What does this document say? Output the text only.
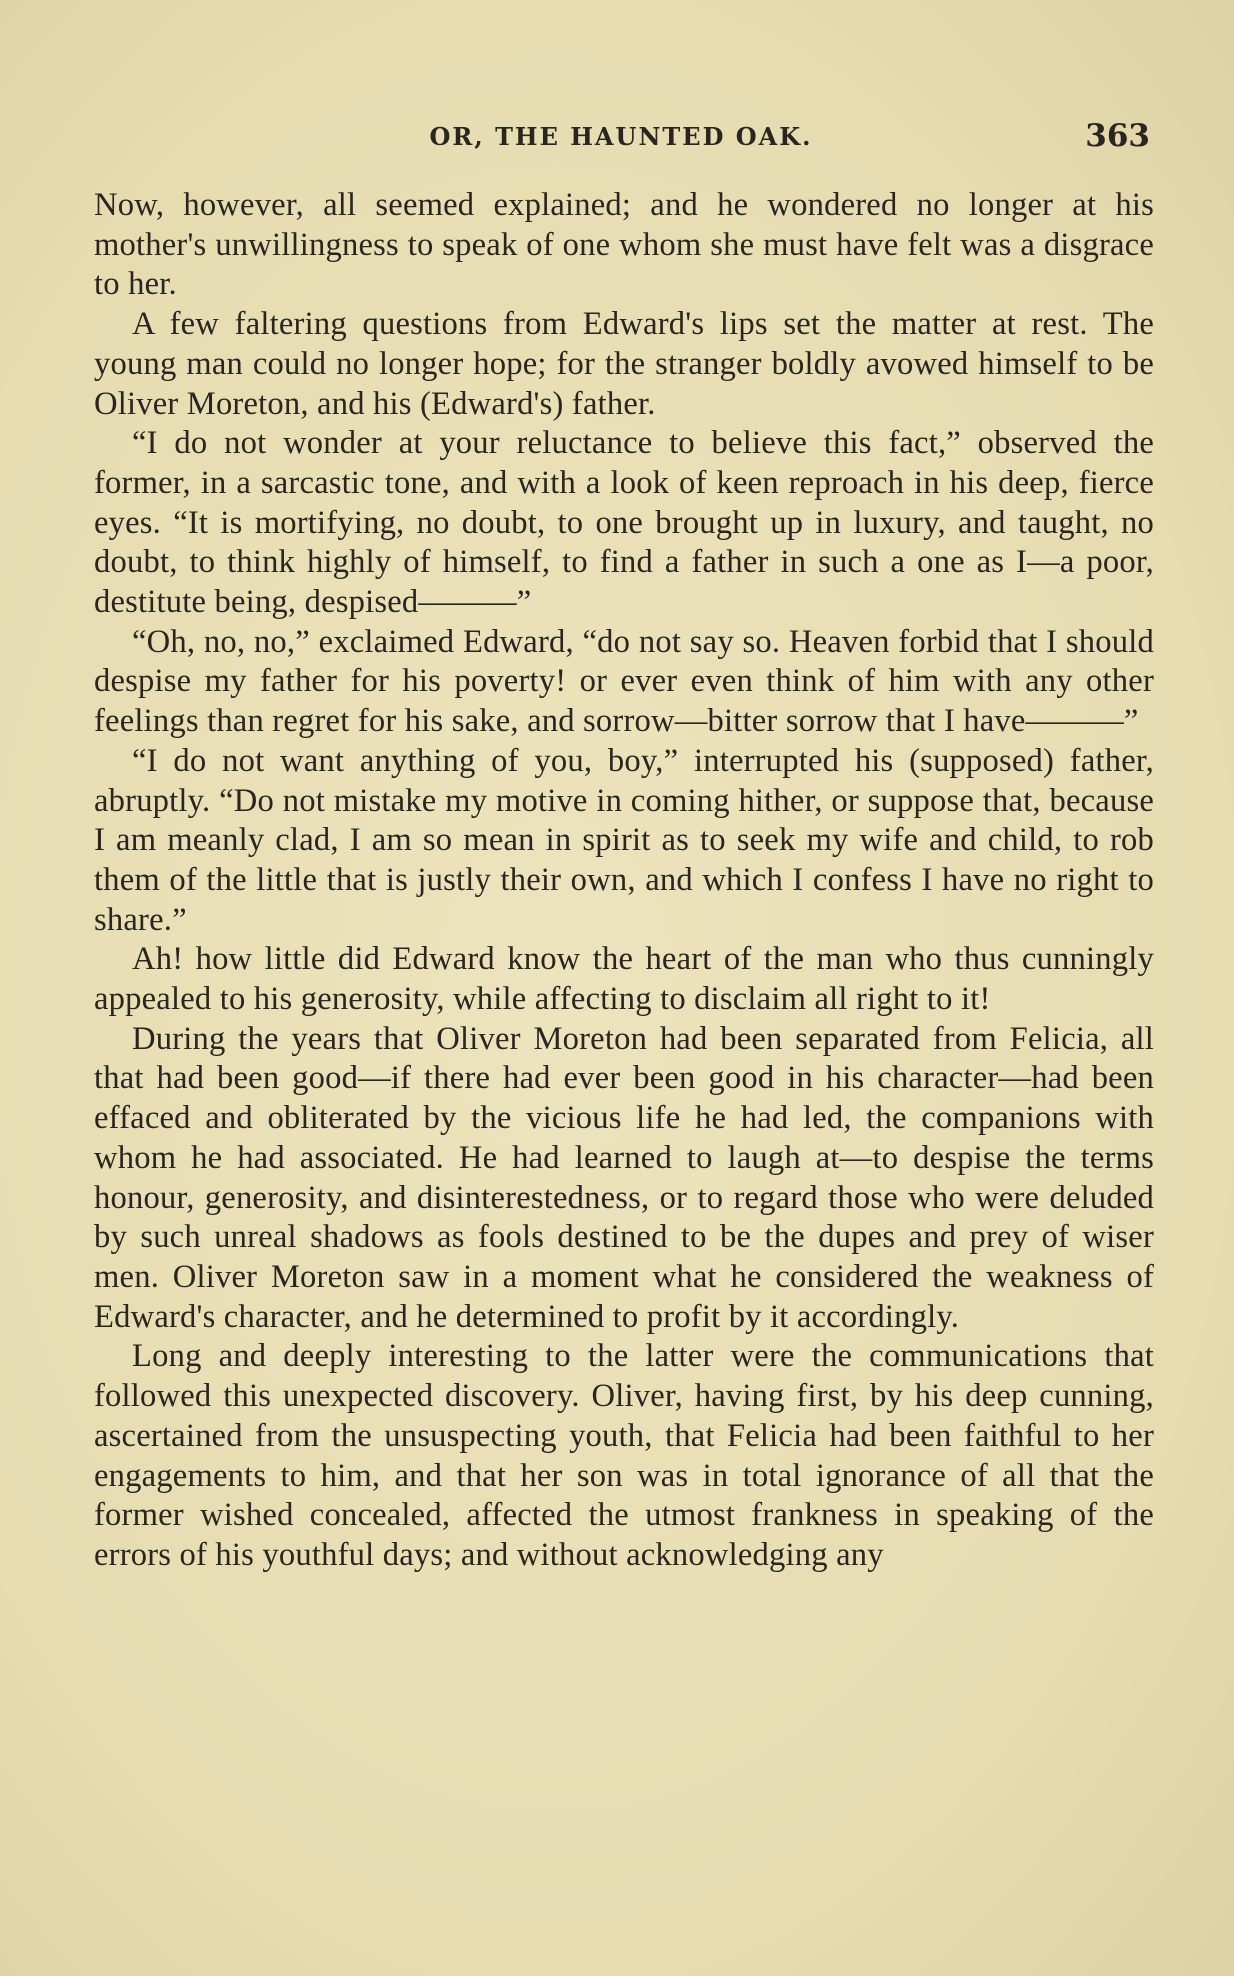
OR, THE HAUNTED OAK.	363

Now, however, all seemed explained; and he wondered no longer at his mother's unwillingness to speak of one whom she must have felt was a disgrace to her.

A few faltering questions from Edward's lips set the matter at rest. The young man could no longer hope; for the stranger boldly avowed himself to be Oliver Moreton, and his (Edward's) father.

“I do not wonder at your reluctance to believe this fact,” observed the former, in a sarcastic tone, and with a look of keen reproach in his deep, fierce eyes. “It is mortifying, no doubt, to one brought up in luxury, and taught, no doubt, to think highly of himself, to find a father in such a one as I—a poor, destitute being, despised———”

“Oh, no, no,” exclaimed Edward, “do not say so. Heaven forbid that I should despise my father for his poverty! or ever even think of him with any other feelings than regret for his sake, and sorrow—bitter sorrow that I have———”

“I do not want anything of you, boy,” interrupted his (supposed) father, abruptly. “Do not mistake my motive in coming hither, or suppose that, because I am meanly clad, I am so mean in spirit as to seek my wife and child, to rob them of the little that is justly their own, and which I confess I have no right to share.”

Ah! how little did Edward know the heart of the man who thus cunningly appealed to his generosity, while affecting to disclaim all right to it!

During the years that Oliver Moreton had been separated from Felicia, all that had been good—if there had ever been good in his character—had been effaced and obliterated by the vicious life he had led, the companions with whom he had associated. He had learned to laugh at—to despise the terms honour, generosity, and disinterestedness, or to regard those who were deluded by such unreal shadows as fools destined to be the dupes and prey of wiser men. Oliver Moreton saw in a moment what he considered the weakness of Edward's character, and he determined to profit by it accordingly.

Long and deeply interesting to the latter were the communications that followed this unexpected discovery. Oliver, having first, by his deep cunning, ascertained from the unsuspecting youth, that Felicia had been faithful to her engagements to him, and that her son was in total ignorance of all that the former wished concealed, affected the utmost frankness in speaking of the errors of his youthful days; and without acknowledging any
